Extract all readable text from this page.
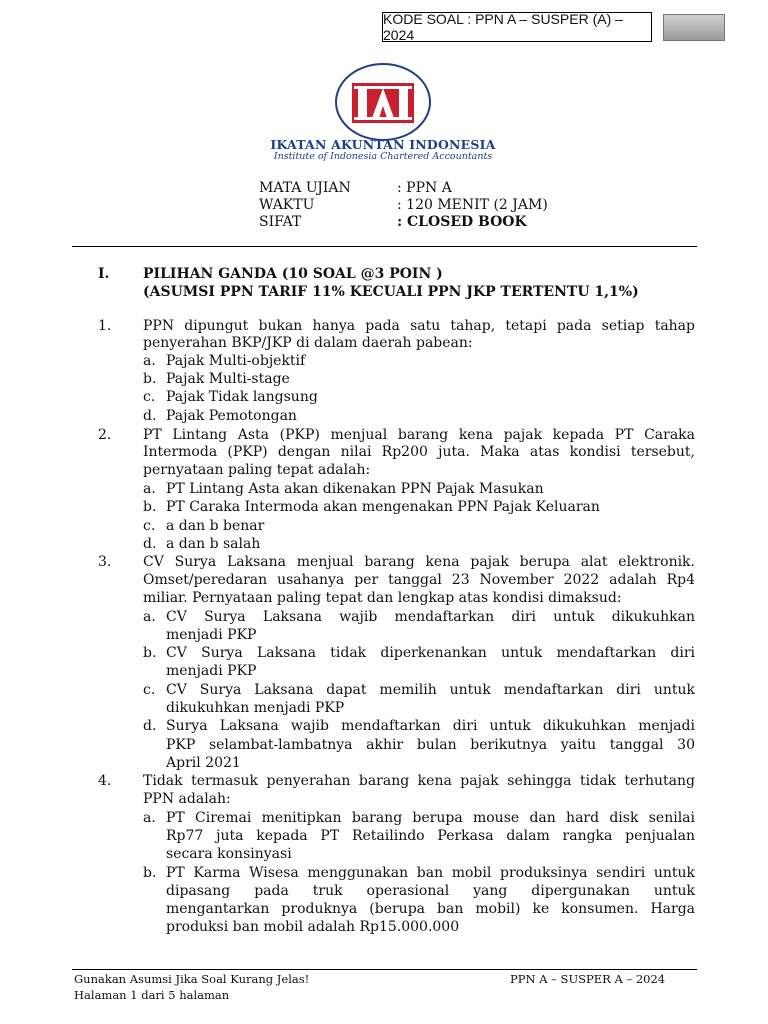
KODE SOAL : PPN A – SUSPER (A) – 2024
IKATAN AKUNTAN INDONESIA
Institute of Indonesia Chartered Accountants
MATA UJIAN	: PPN A
WAKTU	: 120 MENIT (2 JAM)
SIFAT	: CLOSED BOOK
I. PILIHAN GANDA (10 SOAL @3 POIN )
(ASUMSI PPN TARIF 11% KECUALI PPN JKP TERTENTU 1,1%)
1. PPN dipungut bukan hanya pada satu tahap, tetapi pada setiap tahap
penyerahan BKP/JKP di dalam daerah pabean:
a. Pajak Multi-objektif
b. Pajak Multi-stage
c. Pajak Tidak langsung
d. Pajak Pemotongan
2. PT Lintang Asta (PKP) menjual barang kena pajak kepada PT Caraka
Intermoda (PKP) dengan nilai Rp200 juta. Maka atas kondisi tersebut,
pernyataan paling tepat adalah:
a. PT Lintang Asta akan dikenakan PPN Pajak Masukan
b. PT Caraka Intermoda akan mengenakan PPN Pajak Keluaran
c. a dan b benar
d. a dan b salah
3. CV Surya Laksana menjual barang kena pajak berupa alat elektronik.
Omset/peredaran usahanya per tanggal 23 November 2022 adalah Rp4
miliar. Pernyataan paling tepat dan lengkap atas kondisi dimaksud:
a. CV Surya Laksana wajib mendaftarkan diri untuk dikukuhkan
menjadi PKP
b. CV Surya Laksana tidak diperkenankan untuk mendaftarkan diri
menjadi PKP
c. CV Surya Laksana dapat memilih untuk mendaftarkan diri untuk
dikukuhkan menjadi PKP
d. Surya Laksana wajib mendaftarkan diri untuk dikukuhkan menjadi
PKP selambat-lambatnya akhir bulan berikutnya yaitu tanggal 30
April 2021
4. Tidak termasuk penyerahan barang kena pajak sehingga tidak terhutang
PPN adalah:
a. PT Ciremai menitipkan barang berupa mouse dan hard disk senilai
Rp77 juta kepada PT Retailindo Perkasa dalam rangka penjualan
secara konsinyasi
b. PT Karma Wisesa menggunakan ban mobil produksinya sendiri untuk
dipasang pada truk operasional yang dipergunakan untuk
mengantarkan produknya (berupa ban mobil) ke konsumen. Harga
produksi ban mobil adalah Rp15.000.000
Gunakan Asumsi Jika Soal Kurang Jelas!
Halaman 1 dari 5 halaman
PPN A – SUSPER A – 2024
